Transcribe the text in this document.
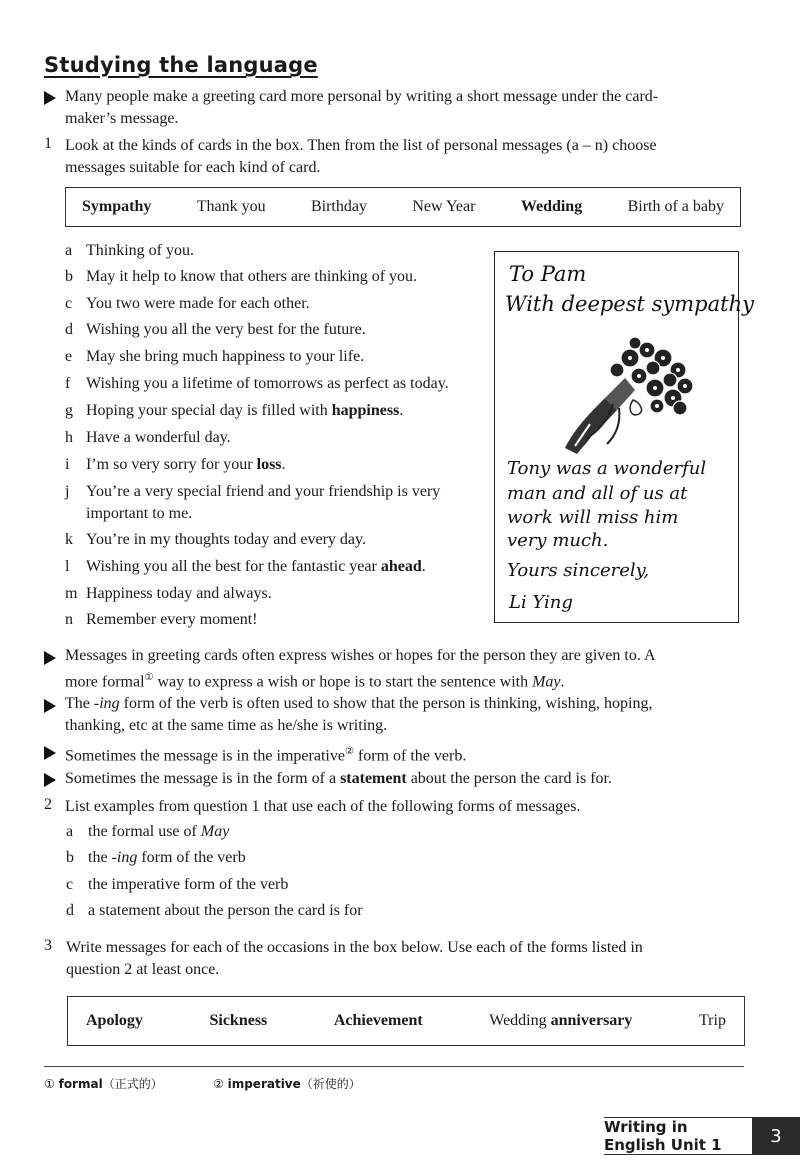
Studying the language
Many people make a greeting card more personal by writing a short message under the card-
maker’s message.
1 Look at the kinds of cards in the box. Then from the list of personal messages (a – n) choose
messages suitable for each kind of card.
Sympathy	Thank you	Birthday	New Year	Wedding	Birth of a baby
a Thinking of you.
b May it help to know that others are thinking of you.
c You two were made for each other.
d Wishing you all the very best for the future.
e May she bring much happiness to your life.
f Wishing you a lifetime of tomorrows as perfect as today.
g Hoping your special day is filled with happiness.
h Have a wonderful day.
i I’m so very sorry for your loss.
j You’re a very special friend and your friendship is very
important to me.
k You’re in my thoughts today and every day.
l Wishing you all the best for the fantastic year ahead.
m Happiness today and always.
n Remember every moment!
To Pam
With deepest sympathy
Tony was a wonderful
man and all of us at
work will miss him
very much.
Yours sincerely,
Li Ying
Messages in greeting cards often express wishes or hopes for the person they are given to. A
more formal① way to express a wish or hope is to start the sentence with May.
The -ing form of the verb is often used to show that the person is thinking, wishing, hoping,
thanking, etc at the same time as he/she is writing.
Sometimes the message is in the imperative② form of the verb.
Sometimes the message is in the form of a statement about the person the card is for.
2 List examples from question 1 that use each of the following forms of messages.
a the formal use of May
b the -ing form of the verb
c the imperative form of the verb
d a statement about the person the card is for
3 Write messages for each of the occasions in the box below. Use each of the forms listed in
question 2 at least once.
Apology	Sickness	Achievement	Wedding anniversary	Trip
① formal（正式的）	② imperative（祈使的）
Writing in English Unit 1	3
